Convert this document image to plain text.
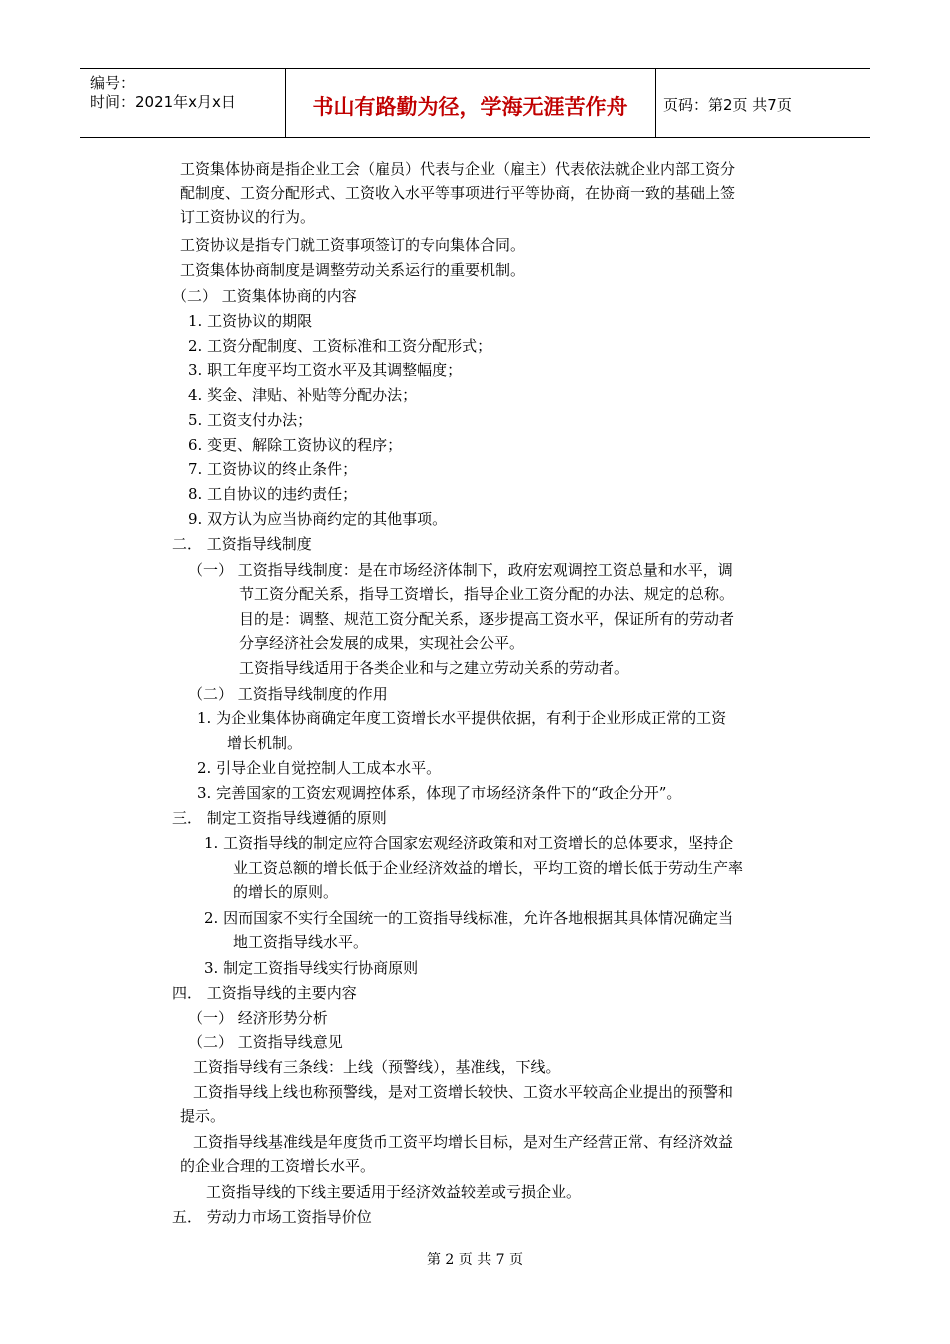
编号：
时间：2021年x月x日	书山有路勤为径，学海无涯苦作舟	页码：第2页 共7页
工资集体协商是指企业工会（雇员）代表与企业（雇主）代表依法就企业内部工资分
配制度、工资分配形式、工资收入水平等事项进行平等协商，在协商一致的基础上签
订工资协议的行为。
工资协议是指专门就工资事项签订的专向集体合同。
工资集体协商制度是调整劳动关系运行的重要机制。
（二） 工资集体协商的内容
1. 工资协议的期限
2. 工资分配制度、工资标准和工资分配形式；
3. 职工年度平均工资水平及其调整幅度；
4. 奖金、津贴、补贴等分配办法；
5. 工资支付办法；
6. 变更、解除工资协议的程序；
7. 工资协议的终止条件；
8. 工自协议的违约责任；
9. 双方认为应当协商约定的其他事项。
二． 工资指导线制度
（一） 工资指导线制度：是在市场经济体制下，政府宏观调控工资总量和水平，调
节工资分配关系，指导工资增长，指导企业工资分配的办法、规定的总称。
目的是：调整、规范工资分配关系，逐步提高工资水平，保证所有的劳动者
分享经济社会发展的成果，实现社会公平。
工资指导线适用于各类企业和与之建立劳动关系的劳动者。
（二） 工资指导线制度的作用
1. 为企业集体协商确定年度工资增长水平提供依据，有利于企业形成正常的工资
增长机制。
2. 引导企业自觉控制人工成本水平。
3. 完善国家的工资宏观调控体系，体现了市场经济条件下的“政企分开”。
三． 制定工资指导线遵循的原则
1. 工资指导线的制定应符合国家宏观经济政策和对工资增长的总体要求，坚持企
业工资总额的增长低于企业经济效益的增长，平均工资的增长低于劳动生产率
的增长的原则。
2. 因而国家不实行全国统一的工资指导线标准，允许各地根据其具体情况确定当
地工资指导线水平。
3. 制定工资指导线实行协商原则
四． 工资指导线的主要内容
（一） 经济形势分析
（二） 工资指导线意见
工资指导线有三条线：上线（预警线），基准线，下线。
工资指导线上线也称预警线，是对工资增长较快、工资水平较高企业提出的预警和
提示。
工资指导线基准线是年度货币工资平均增长目标，是对生产经营正常、有经济效益
的企业合理的工资增长水平。
工资指导线的下线主要适用于经济效益较差或亏损企业。
五． 劳动力市场工资指导价位
第 2 页 共 7 页
